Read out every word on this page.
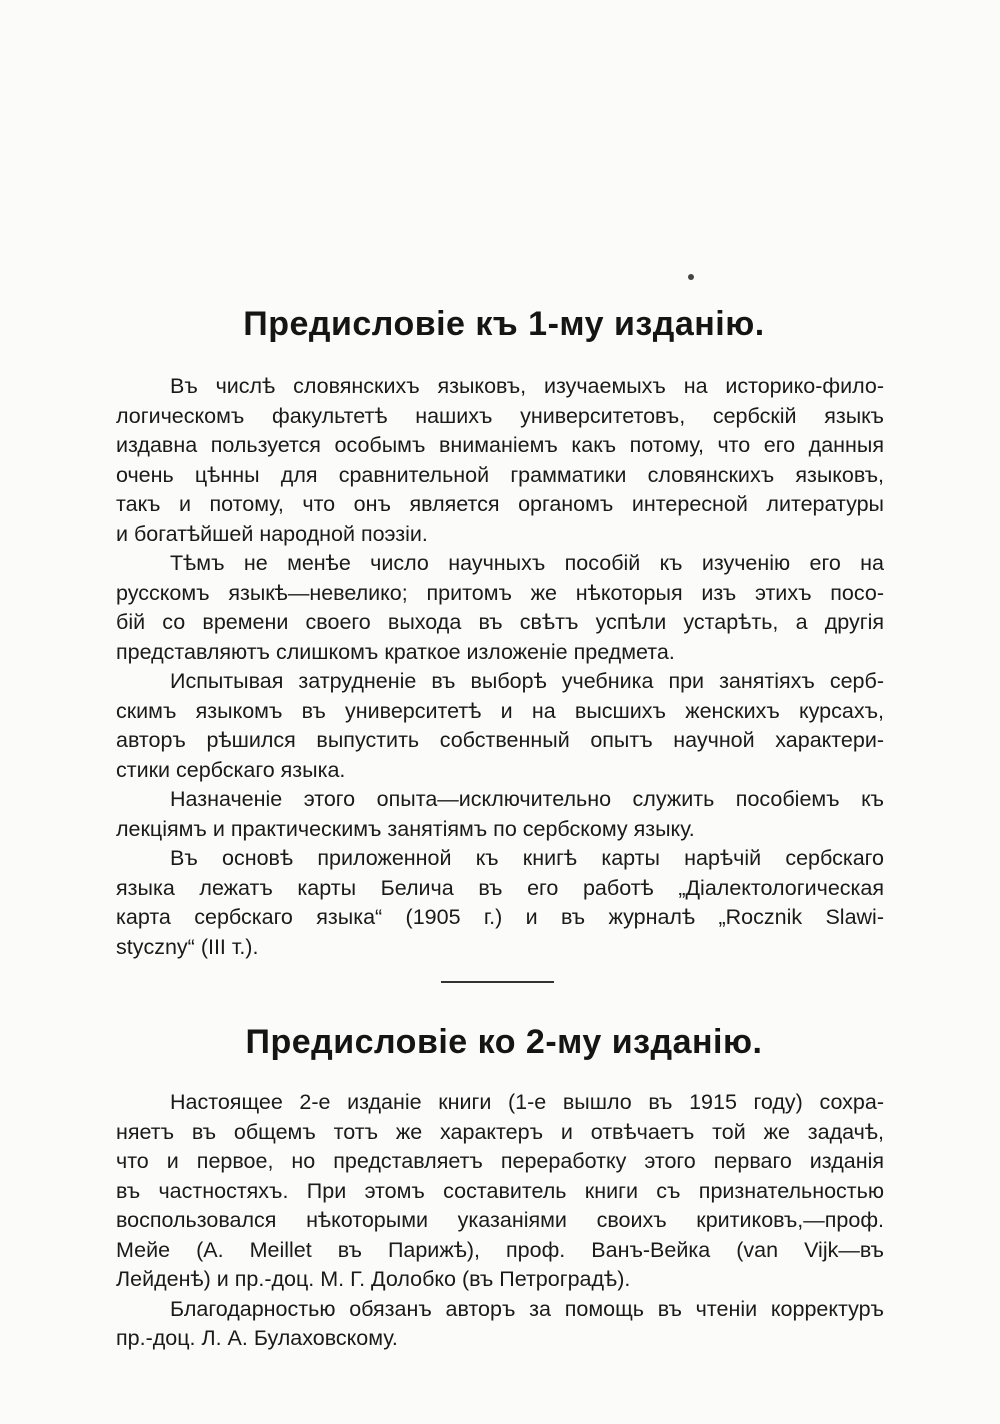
Предисловіе къ 1-му изданію.
Въ числѣ словянскихъ языковъ, изучаемыхъ на историко-фило-
логическомъ факультетѣ нашихъ университетовъ, сербскій языкъ
издавна пользуется особымъ вниманіемъ какъ потому, что его данныя
очень цѣнны для сравнительной грамматики словянскихъ языковъ,
такъ и потому, что онъ является органомъ интересной литературы
и богатѣйшей народной поэзіи.
Тѣмъ не менѣе число научныхъ пособій къ изученію его на
русскомъ языкѣ—невелико; притомъ же нѣкоторыя изъ этихъ посо-
бій со времени своего выхода въ свѣтъ успѣли устарѣть, а другія
представляютъ слишкомъ краткое изложеніе предмета.
Испытывая затрудненіе въ выборѣ учебника при занятіяхъ серб-
скимъ языкомъ въ университетѣ и на высшихъ женскихъ курсахъ,
авторъ рѣшился выпустить собственный опытъ научной характери-
стики сербскаго языка.
Назначеніе этого опыта—исключительно служить пособіемъ къ
лекціямъ и практическимъ занятіямъ по сербскому языку.
Въ основѣ приложенной къ книгѣ карты нарѣчій сербскаго
языка лежатъ карты Белича въ его работѣ „Діалектологическая
карта сербскаго языка“ (1905 г.) и въ журналѣ „Rocznik Slawi-
styczny“ (III т.).
Предисловіе ко 2-му изданію.
Настоящее 2-е изданіе книги (1-е вышло въ 1915 году) сохра-
няетъ въ общемъ тотъ же характеръ и отвѣчаетъ той же задачѣ,
что и первое, но представляетъ переработку этого перваго изданія
въ частностяхъ. При этомъ составитель книги съ признательностью
воспользовался нѣкоторыми указаніями своихъ критиковъ,—проф.
Мейе (А. Meillet въ Парижѣ), проф. Ванъ-Вейка (van Vijk—въ
Лейденѣ) и пр.-доц. М. Г. Долобко (въ Петроградѣ).
Благодарностью обязанъ авторъ за помощь въ чтеніи корректуръ
пр.-доц. Л. А. Булаховскому.
